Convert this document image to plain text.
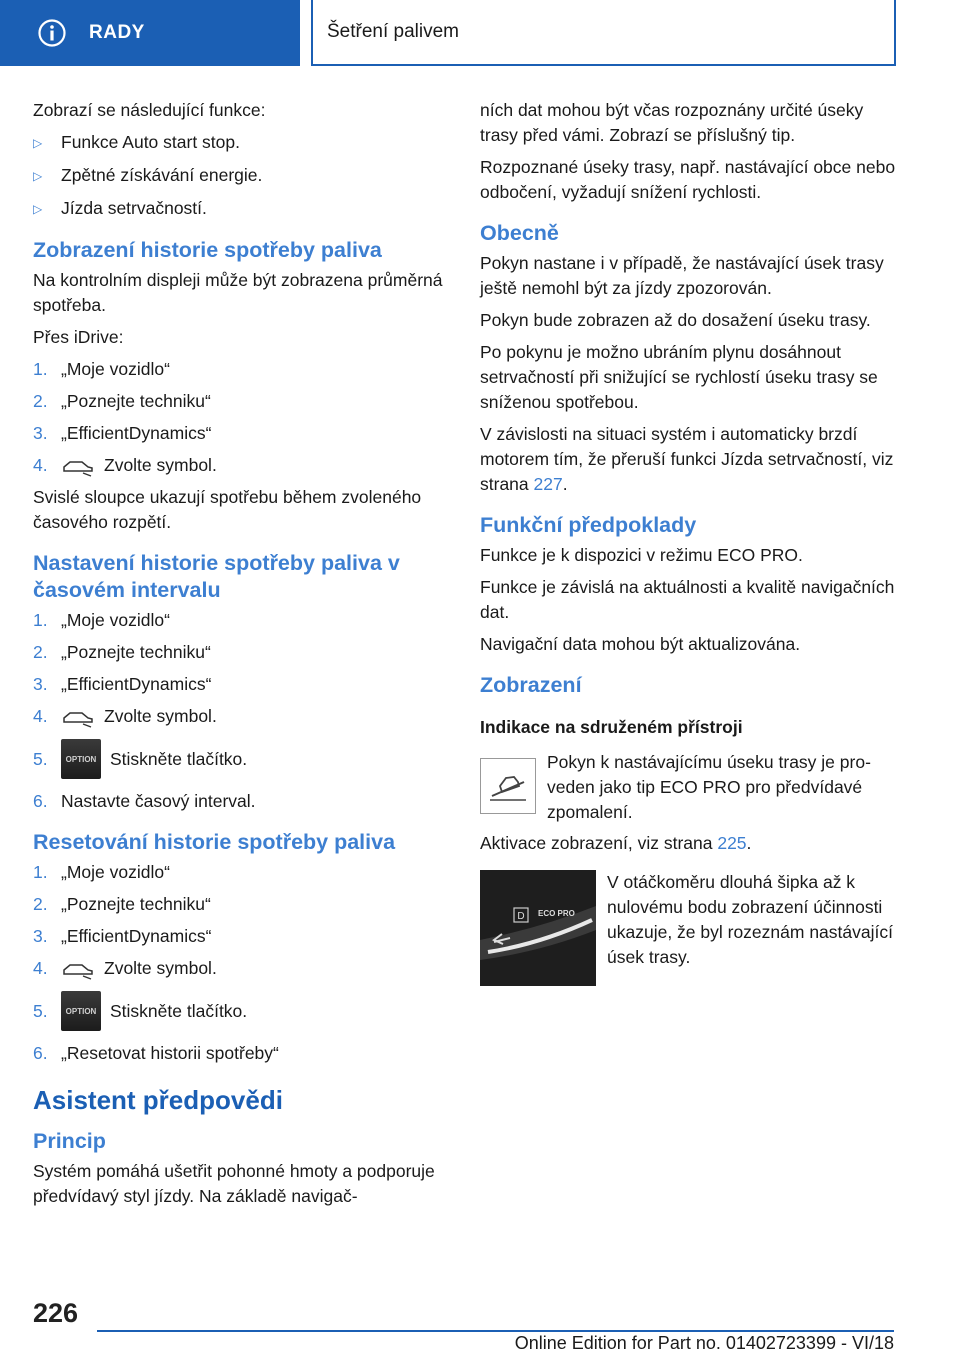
RADY	Šetření palivem
Zobrazí se následující funkce:
▷	Funkce Auto start stop.
▷	Zpětné získávání energie.
▷	Jízda setrvačností.
Zobrazení historie spotřeby paliva
Na kontrolním displeji může být zobrazena průměrná spotřeba.
Přes iDrive:
1. „Moje vozidlo“
2. „Poznejte techniku“
3. „EfficientDynamics“
4.	Zvolte symbol.
Svislé sloupce ukazují spotřebu během zvoleného časového rozpětí.
Nastavení historie spotřeby paliva v časovém intervalu
1. „Moje vozidlo“
2. „Poznejte techniku“
3. „EfficientDynamics“
4.	Zvolte symbol.
5.	OPTION Stiskněte tlačítko.
6. Nastavte časový interval.
Resetování historie spotřeby paliva
1. „Moje vozidlo“
2. „Poznejte techniku“
3. „EfficientDynamics“
4.	Zvolte symbol.
5.	OPTION Stiskněte tlačítko.
6. „Resetovat historii spotřeby“
Asistent předpovědi
Princip
Systém pomáhá ušetřit pohonné hmoty a podporuje předvídavý styl jízdy. Na základě navigač-
ních dat mohou být včas rozpoznány určité úseky trasy před vámi. Zobrazí se příslušný tip.
Rozpoznané úseky trasy, např. nastávající obce nebo odbočení, vyžadují snížení rychlosti.
Obecně
Pokyn nastane i v případě, že nastávající úsek trasy ještě nemohl být za jízdy zpozorován.
Pokyn bude zobrazen až do dosažení úseku trasy.
Po pokynu je možno ubráním plynu dosáhnout setrvačností při snižující se rychlostí úseku trasy se sníženou spotřebou.
V závislosti na situaci systém i automaticky brzdí motorem tím, že přeruší funkci Jízda setrvačností, viz strana 227.
Funkční předpoklady
Funkce je k dispozici v režimu ECO PRO.
Funkce je závislá na aktuálnosti a kvalitě navigačních dat.
Navigační data mohou být aktualizována.
Zobrazení
Indikace na sdruženém přístroji
Pokyn k nastávajícímu úseku trasy je proveden jako tip ECO PRO pro předvídavé zpomalení.
Aktivace zobrazení, viz strana 225.
D ECO PRO
V otáčkoměru dlouhá šipka až k nulovému bodu zobrazení účinnosti ukazuje, že byl rozeznám nastávající úsek trasy.
226
Online Edition for Part no. 01402723399 - VI/18
